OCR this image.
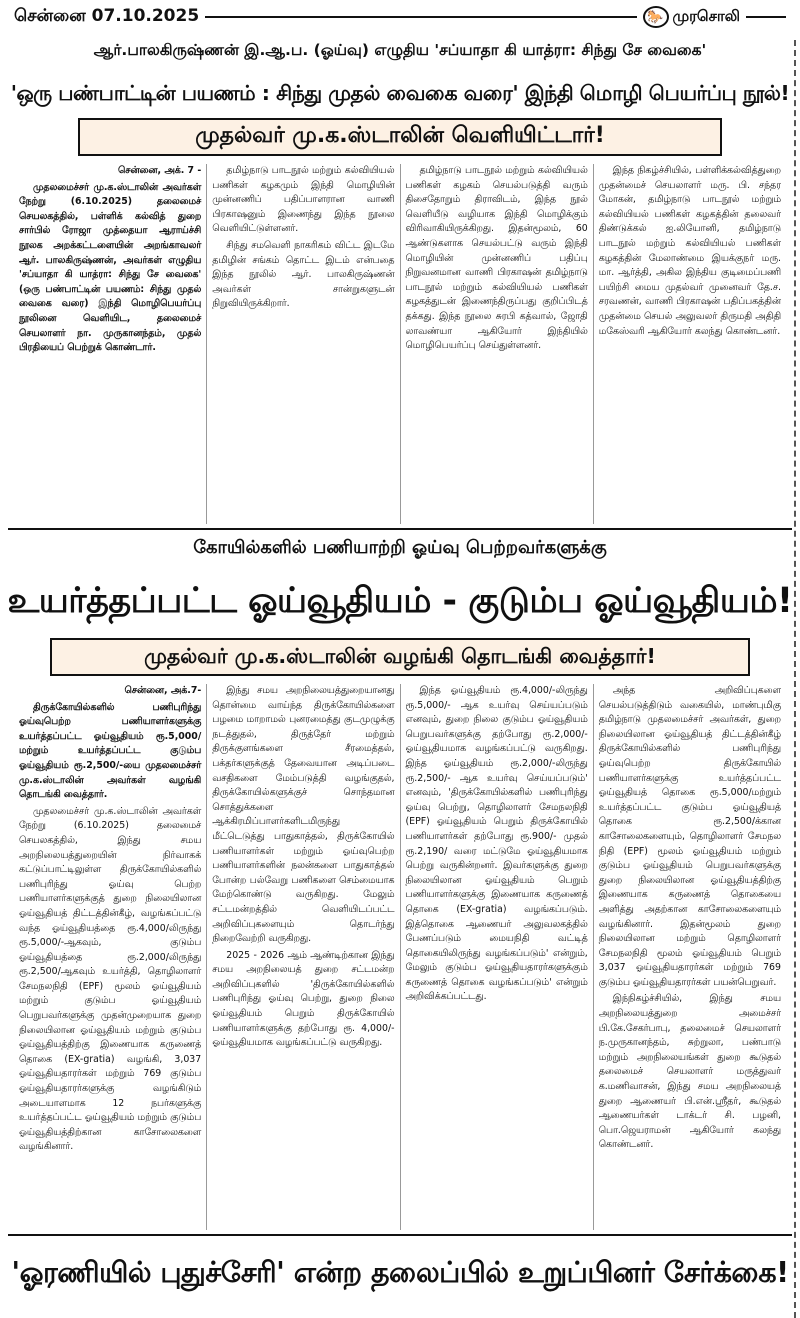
சென்னை 07.10.2025	🐎 முரசொலி
ஆர்.பாலகிருஷ்ணன் இ.ஆ.ப. (ஓய்வு) எழுதிய 'சப்யாதா கி யாத்ரா: சிந்து சே வைகை'
'ஒரு பண்பாட்டின் பயணம் : சிந்து முதல் வைகை வரை' இந்தி மொழி பெயர்ப்பு நூல்!
முதல்வர் மு.க.ஸ்டாலின் வெளியிட்டார்!

சென்னை, அக். 7 -

முதலமைச்சர் மு.க.ஸ்டாலின் அவர்கள் நேற்று (6.10.2025) தலைமைச் செயலகத்தில், பள்ளிக் கல்வித் துறை சார்பில் ரோஜா முத்தையா ஆராய்ச்சி நூலக அறக்கட்டளையின் அறங்காவலர் ஆர். பாலகிருஷ்ணன், அவர்கள் எழுதிய 'சப்யாதா கி யாத்ரா: சிந்து சே வைகை' (ஒரு பண்பாட்டின் பயணம்: சிந்து முதல் வைகை வரை) இந்தி மொழிபெயர்ப்பு நூலினை வெளியிட, தலைமைச் செயலாளர் நா. முருகானந்தம், முதல் பிரதியைப் பெற்றுக் கொண்டார்.

தமிழ்நாடு பாடநூல் மற்றும் கல்வியியல் பணிகள் கழகமும் இந்தி மொழியின் முன்னணிப் பதிப்பாளரான வாணி பிரகாஷனும் இணைந்து இந்த நூலை வெளியிட்டுள்ளனர்.

சிந்து சமவெளி நாகரிகம் விட்ட இடமே தமிழின் சங்கம் தொட்ட இடம் என்பதை இந்த நூலில் ஆர். பாலகிருஷ்ணன் அவர்கள் சான்றுகளுடன் நிறுவியிருக்கிறார்.

தமிழ்நாடு பாடநூல் மற்றும் கல்வியியல் பணிகள் கழகம் செயல்படுத்தி வரும் திசைதோறும் திராவிடம், இந்த நூல் வெளியீடு வழியாக இந்தி மொழிக்கும் விரிவாகியிருக்கிறது. இதன்மூலம், 60 ஆண்டுகளாக செயல்பட்டு வரும் இந்தி மொழியின் முன்னணிப் பதிப்பு நிறுவனமான வாணி பிரகாஷன் தமிழ்நாடு பாடநூல் மற்றும் கல்வியியல் பணிகள் கழகத்துடன் இணைந்திருப்பது குறிப்பிடத் தக்கது. இந்த நூலை சுரபி கத்வால், ஜோதி லாவண்யா ஆகியோர் இந்தியில் மொழிபெயர்ப்பு செய்துள்ளனர்.

இந்த நிகழ்ச்சியில், பள்ளிக்கல்வித்துறை முதன்மைச் செயலாளர் மரு. பி. சந்தர மோகன், தமிழ்நாடு பாடநூல் மற்றும் கல்வியியல் பணிகள் கழகத்தின் தலைவர் திண்டுக்கல் ஐ.லியோனி, தமிழ்நாடு பாடநூல் மற்றும் கல்வியியல் பணிகள் கழகத்தின் மேலாண்மை இயக்குநர் மரு. மா. ஆர்த்தி, அகில இந்திய குடிமைப்பணி பயிற்சி மைய முதல்வர் முனைவர் தே.ச. சரவணன், வாணி பிரகாஷன் பதிப்பகத்தின் முதன்மை செயல் அலுவலர் திருமதி அதிதி மகேஸ்வரி ஆகியோர் கலந்து கொண்டனர்.

கோயில்களில் பணியாற்றி ஓய்வு பெற்றவர்களுக்கு
உயர்த்தப்பட்ட ஓய்வூதியம் - குடும்ப ஓய்வூதியம்!
முதல்வர் மு.க.ஸ்டாலின் வழங்கி தொடங்கி வைத்தார்!

சென்னை, அக்.7-

திருக்கோயில்களில் பணிபுரிந்து ஓய்வுபெற்ற பணியாளர்களுக்கு உயர்த்தப்பட்ட ஓய்வூதியம் ரூ.5,000/ மற்றும் உயர்த்தப்பட்ட குடும்ப ஓய்வூதியம் ரூ.2,500/-யை முதலமைச்சர் மு.க.ஸ்டாலின் அவர்கள் வழங்கி தொடங்கி வைத்தார்.

முதலமைச்சர் மு.க.ஸ்டாலின் அவர்கள் நேற்று (6.10.2025) தலைமைச் செயலகத்தில், இந்து சமய அறநிலையத்துறையின் நிர்வாகக் கட்டுப்பாட்டிலுள்ள திருக்கோயில்களில் பணிபுரிந்து ஓய்வு பெற்ற பணியாளர்களுக்குத் துறை நிலையிலான ஓய்வூதியத் திட்டத்தின்கீழ், வழங்கப்பட்டு வந்த ஓய்வூதியத்தை ரூ.4,000/லிருந்து ரூ.5,000/-ஆகவும், குடும்ப ஓய்வூதியத்தை ரூ.2,000/லிருந்து ரூ.2,500/ஆகவும் உயர்த்தி, தொழிலாளர் சேமநலநிதி (EPF) மூலம் ஓய்வூதியம் மற்றும் குடும்ப ஓய்வூதியம் பெறுபவர்களுக்கு முதன்முறையாக துறை நிலையிலான ஓய்வூதியம் மற்றும் குடும்ப ஓய்வூதியத்திற்கு இணையாக கருணைத் தொகை (EX-gratia) வழங்கி, 3,037 ஓய்வூதியதாரர்கள் மற்றும் 769 குடும்ப ஓய்வூதியதாரர்களுக்கு வழங்கிடும் அடையாளமாக 12 நபர்களுக்கு உயர்த்தப்பட்ட ஓய்வூதியம் மற்றும் குடும்ப ஓய்வூதியத்திற்கான காசோலைகளை வழங்கினார்.

இந்து சமய அறநிலையத்துறையானது தொன்மை வாய்ந்த திருக்கோயில்களை பழமை மாறாமல் புனரமைத்து குடமுழுக்கு நடத்துதல், திருத்தேர் மற்றும் திருக்குளங்களை சீரமைத்தல், பக்தர்களுக்குத் தேவையான அடிப்படை வசதிகளை மேம்படுத்தி வழங்குதல், திருக்கோயில்களுக்குச் சொந்தமான சொத்துக்களை ஆக்கிரமிப்பாளர்களிடமிருந்து மீட்டெடுத்து பாதுகாத்தல், திருக்கோயில் பணியாளர்கள் மற்றும் ஓய்வுபெற்ற பணியாளர்களின் நலன்களை பாதுகாத்தல் போன்ற பல்வேறு பணிகளை செம்மையாக மேற்கொண்டு வருகிறது. மேலும் சட்டமன்றத்தில் வெளியிடப்பட்ட அறிவிப்புகளையும் தொடர்ந்து நிறைவேற்றி வருகிறது.

2025 - 2026 ஆம் ஆண்டிற்கான இந்து சமய அறநிலையத் துறை சட்டமன்ற அறிவிப்புகளில் 'திருக்கோயில்களில் பணிபுரிந்து ஓய்வு பெற்று, துறை நிலை ஓய்வூதியம் பெறும் திருக்கோயில் பணியாளர்களுக்கு தற்போது ரூ. 4,000/- ஓய்வூதியமாக வழங்கப்பட்டு வருகிறது.

இந்த ஓய்வூதியம் ரூ.4,000/-லிருந்து ரூ.5,000/- ஆக உயர்வு செய்யப்படும் எனவும், துறை நிலை குடும்ப ஓய்வூதியம் பெறுபவர்களுக்கு தற்போது ரூ.2,000/- ஓய்வூதியமாக வழங்கப்பட்டு வருகிறது. இந்த ஓய்வூதியம் ரூ.2,000/-லிருந்து ரூ.2,500/- ஆக உயர்வு செய்யப்படும்' எனவும், 'திருக்கோயில்களில் பணிபுரிந்து ஓய்வு பெற்று, தொழிலாளர் சேமநலநிதி (EPF) ஓய்வூதியம் பெறும் திருக்கோயில் பணியாளர்கள் தற்போது ரூ.900/- முதல் ரூ.2,190/ வரை மட்டுமே ஓய்வூதியமாக பெற்று வருகின்றனர். இவர்களுக்கு துறை நிலையிலான ஓய்வூதியம் பெறும் பணியாளர்களுக்கு இணையாக கருணைத் தொகை (EX-gratia) வழங்கப்படும். இத்தொகை ஆணையர் அலுவலகத்தில் பேணப்படும் மையநிதி வட்டித் தொகையிலிருந்து வழங்கப்படும்' என்றும், மேலும் குடும்ப ஓய்வூதியதாரர்களுக்கும் கருணைத் தொகை வழங்கப்படும்' என்றும் அறிவிக்கப்பட்டது.

அந்த அறிவிப்புகளை செயல்படுத்திடும் வகையில், மாண்புமிகு தமிழ்நாடு முதலமைச்சர் அவர்கள், துறை நிலையிலான ஓய்வூதியத் திட்டத்தின்கீழ் திருக்கோயில்களில் பணிபுரிந்து ஓய்வுபெற்ற திருக்கோயில் பணியாளர்களுக்கு உயர்த்தப்பட்ட ஓய்வூதியத் தொகை ரூ.5,000/மற்றும் உயர்த்தப்பட்ட குடும்ப ஓய்வூதியத் தொகை ரூ.2,500/க்கான காசோலைகளையும், தொழிலாளர் சேமநல நிதி (EPF) மூலம் ஓய்வூதியம் மற்றும் குடும்ப ஓய்வூதியம் பெறுபவர்களுக்கு துறை நிலையிலான ஓய்வூதியத்திற்கு இணையாக கருணைத் தொகையை அளித்து அதற்கான காசோலைகளையும் வழங்கினார். இதன்மூலம் துறை நிலையிலான மற்றும் தொழிலாளர் சேமநலநிதி மூலம் ஓய்வூதியம் பெறும் 3,037 ஓய்வூதியதாரர்கள் மற்றும் 769 குடும்ப ஓய்வூதியதாரர்கள் பயன்பெறுவர்.

இந்நிகழ்ச்சியில், இந்து சமய அறநிலையத்துறை அமைச்சர் பி.கே.சேகர்பாபு, தலைமைச் செயலாளர் ந.முருகானந்தம், சுற்றுலா, பண்பாடு மற்றும் அறநிலையங்கள் துறை கூடுதல் தலைமைச் செயலாளர் மருத்துவர் க.மணிவாசன், இந்து சமய அறநிலையத் துறை ஆணையர் பி.என்.ஸ்ரீதர், கூடுதல் ஆணையர்கள் டாக்டர் சி. பழனி, பொ.ஜெயராமன் ஆகியோர் கலந்து கொண்டனர்.

'ஓரணியில் புதுச்சேரி' என்ற தலைப்பில் உறுப்பினர் சேர்க்கை!
